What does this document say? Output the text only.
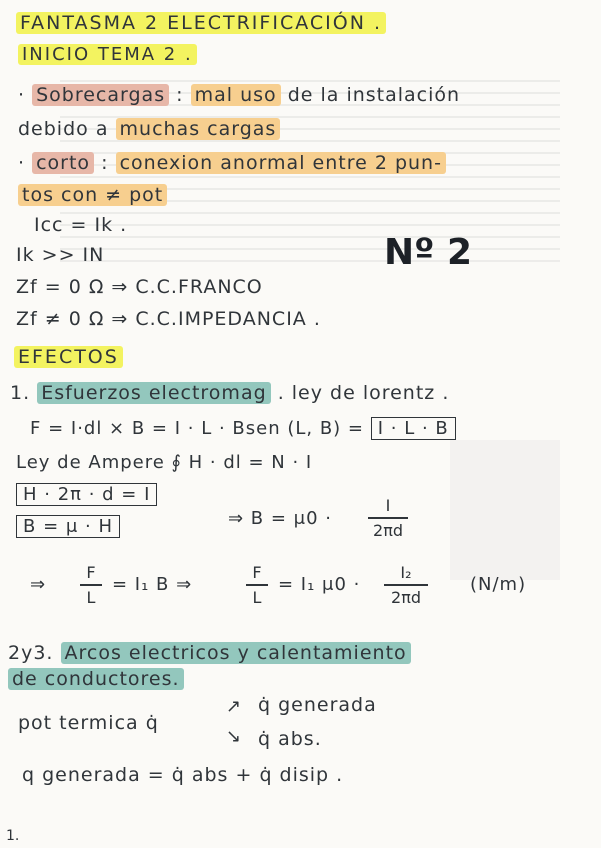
FANTASMA 2 ELECTRIFICACIÓN .
INICIO TEMA 2 .
· Sobrecargas : mal uso de la instalación
debido a muchas cargas
· corto : conexion anormal entre 2 pun-
tos con ≠ pot
Icc = Ik .
Ik >> IN
Zf = 0 Ω ⇒ C.C.FRANCO
Zf ≠ 0 Ω ⇒ C.C.IMPEDANCIA .
Nº 2
EFECTOS
1. Esfuerzos electromag . ley de lorentz .
F = I·dl × B = I · L · Bsen (L, B) = I · L · B
Ley de Ampere ∮ H · dl = N · I
H · 2π · d = I
B = μ · H	⇒ B = μ0 ·
I
2πd
⇒
F
L
= I₁ B ⇒
F
L
= I₁ μ0 ·
I₂
2πd
(N/m)
2y3. Arcos electricos y calentamiento
de conductores.
pot termica q̇
↗
↘
q̇ generada
q̇ abs.
q generada = q̇ abs + q̇ disip .
1.
